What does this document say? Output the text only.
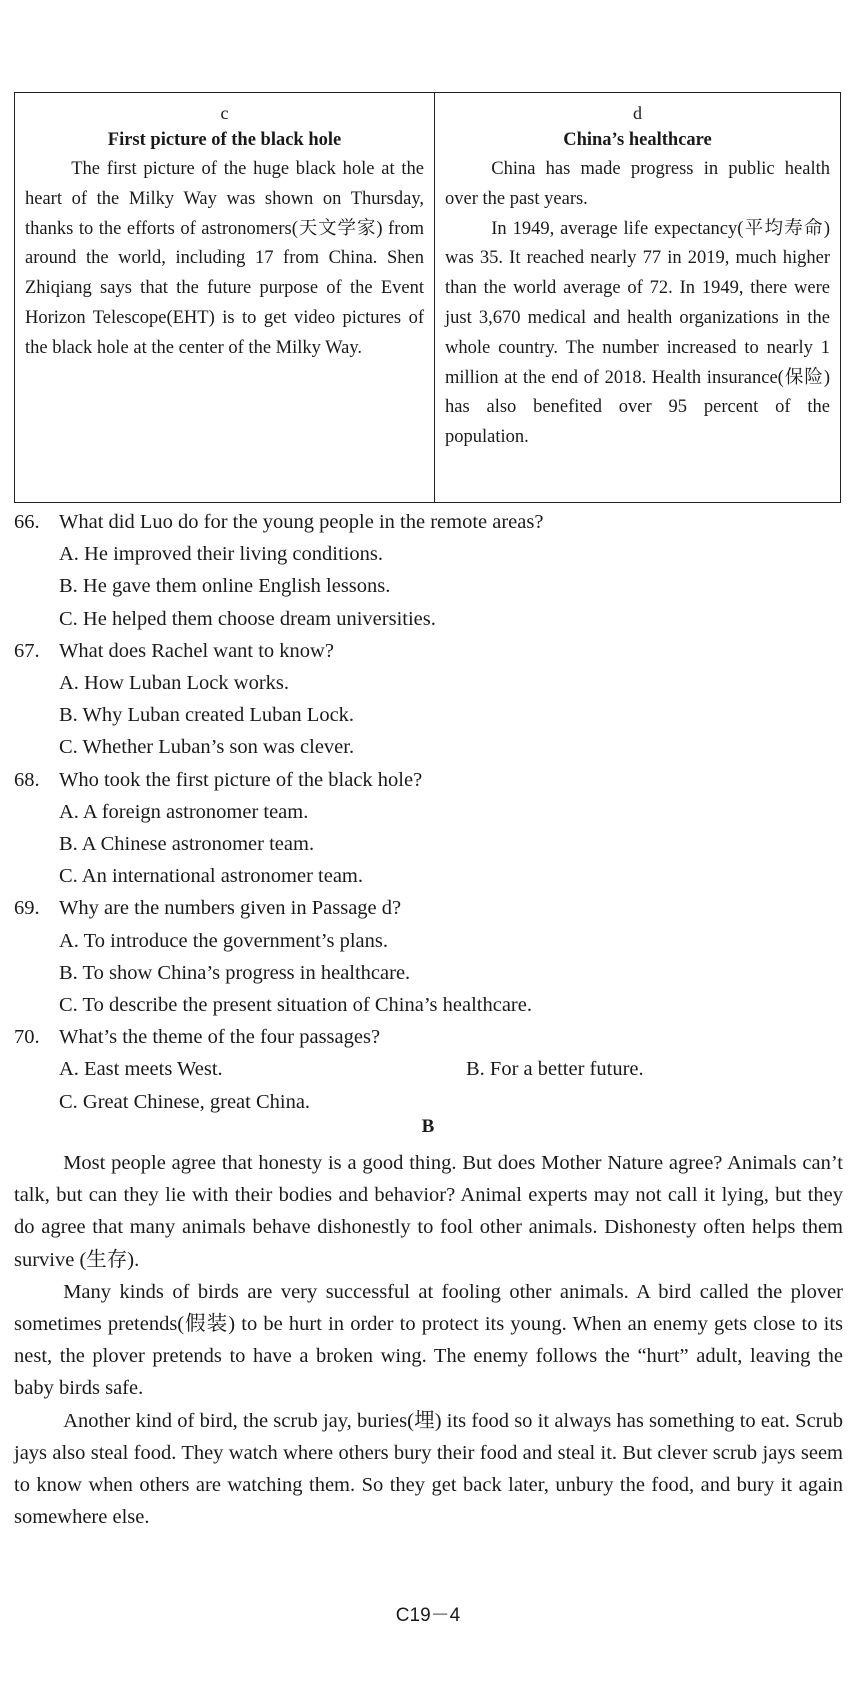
c
First picture of the black hole

The first picture of the huge black hole at the heart of the Milky Way was shown on Thursday, thanks to the efforts of astronomers(天文学家) from around the world, including 17 from China. Shen Zhiqiang says that the future purpose of the Event Horizon Telescope(EHT) is to get video pictures of the black hole at the center of the Milky Way.

d
China’s healthcare

China has made progress in public health over the past years.

In 1949, average life expectancy(平均寿命) was 35. It reached nearly 77 in 2019, much higher than the world average of 72. In 1949, there were just 3,670 medical and health organizations in the whole country. The number increased to nearly 1 million at the end of 2018. Health insurance(保险) has also benefited over 95 percent of the population.

66. What did Luo do for the young people in the remote areas?
A. He improved their living conditions.
B. He gave them online English lessons.
C. He helped them choose dream universities.
67. What does Rachel want to know?
A. How Luban Lock works.
B. Why Luban created Luban Lock.
C. Whether Luban’s son was clever.
68. Who took the first picture of the black hole?
A. A foreign astronomer team.
B. A Chinese astronomer team.
C. An international astronomer team.
69. Why are the numbers given in Passage d?
A. To introduce the government’s plans.
B. To show China’s progress in healthcare.
C. To describe the present situation of China’s healthcare.
70. What’s the theme of the four passages?
A. East meets West.	B. For a better future.
C. Great Chinese, great China.
B

Most people agree that honesty is a good thing. But does Mother Nature agree? Animals can’t talk, but can they lie with their bodies and behavior? Animal experts may not call it lying, but they do agree that many animals behave dishonestly to fool other animals. Dishonesty often helps them survive (生存).

Many kinds of birds are very successful at fooling other animals. A bird called the plover sometimes pretends(假装) to be hurt in order to protect its young. When an enemy gets close to its nest, the plover pretends to have a broken wing. The enemy follows the “hurt” adult, leaving the baby birds safe.

Another kind of bird, the scrub jay, buries(埋) its food so it always has something to eat. Scrub jays also steal food. They watch where others bury their food and steal it. But clever scrub jays seem to know when others are watching them. So they get back later, unbury the food, and bury it again somewhere else.

C19－4
